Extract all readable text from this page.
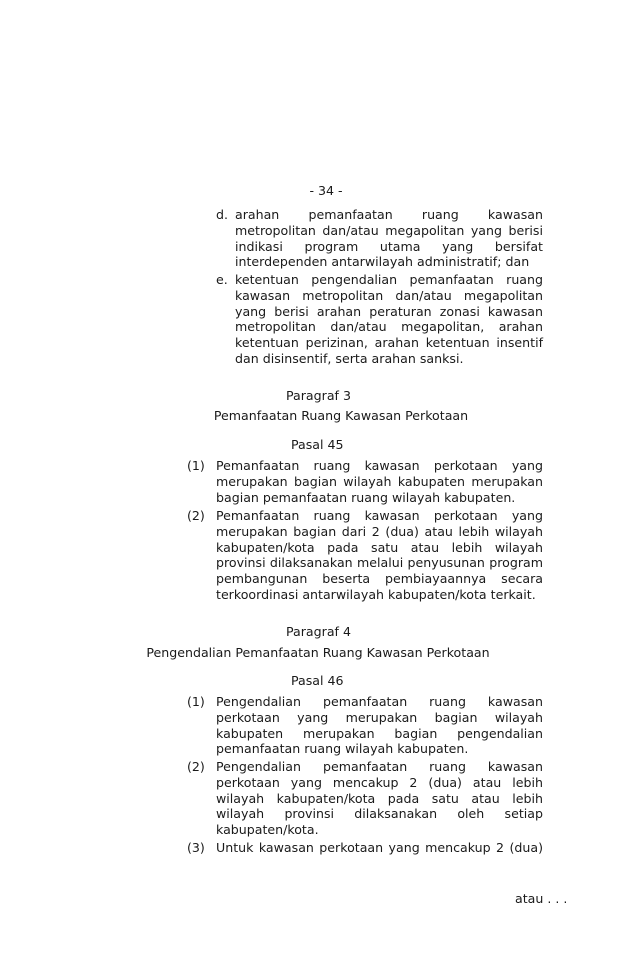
- 34 -
d. arahan pemanfaatan ruang kawasan metropolitan dan/atau megapolitan yang berisi indikasi program utama yang bersifat interdependen antarwilayah administratif; dan
e. ketentuan pengendalian pemanfaatan ruang kawasan metropolitan dan/atau megapolitan yang berisi arahan peraturan zonasi kawasan metropolitan dan/atau megapolitan, arahan ketentuan perizinan, arahan ketentuan insentif dan disinsentif, serta arahan sanksi.
Paragraf 3
Pemanfaatan Ruang Kawasan Perkotaan
Pasal 45
(1) Pemanfaatan ruang kawasan perkotaan yang merupakan bagian wilayah kabupaten merupakan bagian pemanfaatan ruang wilayah kabupaten.
(2) Pemanfaatan ruang kawasan perkotaan yang merupakan bagian dari 2 (dua) atau lebih wilayah kabupaten/kota pada satu atau lebih wilayah provinsi dilaksanakan melalui penyusunan program pembangunan beserta pembiayaannya secara terkoordinasi antarwilayah kabupaten/kota terkait.
Paragraf 4
Pengendalian Pemanfaatan Ruang Kawasan Perkotaan
Pasal 46
(1) Pengendalian pemanfaatan ruang kawasan perkotaan yang merupakan bagian wilayah kabupaten merupakan bagian pengendalian pemanfaatan ruang wilayah kabupaten.
(2) Pengendalian pemanfaatan ruang kawasan perkotaan yang mencakup 2 (dua) atau lebih wilayah kabupaten/kota pada satu atau lebih wilayah provinsi dilaksanakan oleh setiap kabupaten/kota.
(3) Untuk kawasan perkotaan yang mencakup 2 (dua)
atau . . .
